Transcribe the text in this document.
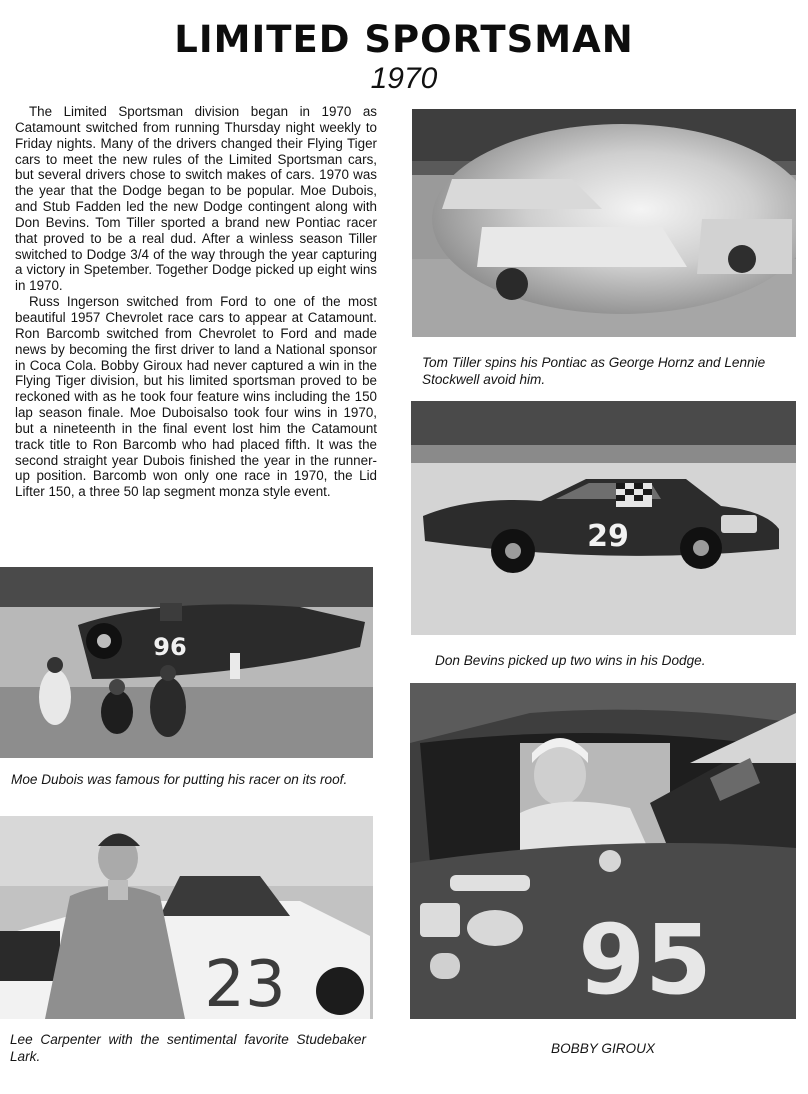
LIMITED SPORTSMAN
1970

The Limited Sportsman division began in 1970 as Catamount switched from running Thursday night weekly to Friday nights. Many of the drivers changed their Flying Tiger cars to meet the new rules of the Limited Sportsman cars, but several drivers chose to switch makes of cars. 1970 was the year that the Dodge began to be popular. Moe Dubois, and Stub Fadden led the new Dodge contingent along with Don Bevins. Tom Tiller sported a brand new Pontiac racer that proved to be a real dud. After a winless season Tiller switched to Dodge 3/4 of the way through the year capturing a victory in Spetember. Together Dodge picked up eight wins in 1970.

Russ Ingerson switched from Ford to one of the most beautiful 1957 Chevrolet race cars to appear at Catamount. Ron Barcomb switched from Chevrolet to Ford and made news by becoming the first driver to land a National sponsor in Coca Cola. Bobby Giroux had never captured a win in the Flying Tiger division, but his limited sportsman proved to be reckoned with as he took four feature wins including the 150 lap season finale. Moe Duboisalso took four wins in 1970, but a nineteenth in the final event lost him the Catamount track title to Ron Barcomb who had placed fifth. It was the second straight year Dubois finished the year in the runner-up position. Barcomb won only one race in 1970, the Lid Lifter 150, a three 50 lap segment monza style event.

Tom Tiller spins his Pontiac as George Hornz and Lennie Stockwell avoid him.
29
Don Bevins picked up two wins in his Dodge.
96
Moe Dubois was famous for putting his racer on its roof.
23
Lee Carpenter with the sentimental favorite Studebaker Lark.
95
BOBBY GIROUX
